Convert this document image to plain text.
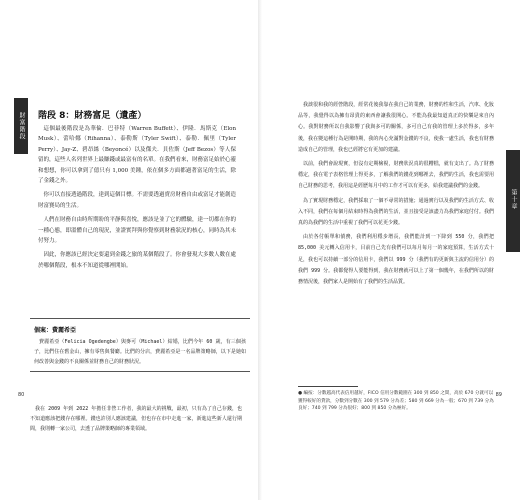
財富階段	階段 8：財務富足（遺產）

這個最後階段是為華倫．巴菲特（Warren Buffett）、伊隆．馬斯克（Elon Musk）、蕾哈娜（Rihanna）、泰勒斯（Tyler Swift）、泰勒．佩里（Tyler Perry）、Jay-Z、碧昂絲（Beyoncé）以及傑夫．貝佐斯（Jeff Bezos）等人保留的，這些人名列世界上最賺錢或最富有的名單。在我們看來，財務富足始於心靈和想想，你可以拿到了億只有 1,000 美鍾，依在個多方面都過著富足的生活，除了金錢之外。

你可以直接透過階段，達到這個目標。不需要透過賣房財務自由或富足才能創造財富賽局的生活。

人們在財務自由時所期盼的平靜與喜悅，應該是並了它的體驗，達一切都在你的一種心態，即溫體自己的現況，並證實拜與你覺察到財務狀況的核心，同時為其未付努力。

因此，你應該已經決定要還到金錢之旅的某個階段了。你會發現大多數人數在處於哪個階段，根本不知道從哪裡開始。

個案：費麗希亞

費麗希亞（Felicia Ogedengbe）與麥可（Michael）結婚，比們今年 60 歲，有三個孩子，比們住在舊金山，擁有零售與餐廳。比們的分店，費麗希亞是一名品牌策略師，以下是她如何改善與金錢的不良關係並財務自己的財務狀況。

我在 2009 年到 2022 年擔任非營工作者，我的最大的挑戰，最初，只有為了自己存錢，也不知道應該把錢存在哪裡。錢也許別人應該建議，但也存在市中走進一家，新進這些新人還行期間，我則轉一家公司，去透了品牌策略師的專業領域。

80
第十章
從金錢階段：從小步驟開始到財務自由

我談很和我的經營階段，經常花後我靠在我自己的業務，財務的性和生活，汽車、化妝品等，我覺得以為擁有昂貴的東西會讓我很開心。不能為我最知道真正的快樂是來自內心。我對財務所以自我影響了我與多可的關係，多可自己有我的管理上多於得多，多年後，我在變這種行為是開時期，我的內心充滿對金錢的不良，使我一處生活，我也有財務造成自己的管理，我也已經將它有更加的建議。

以前，我們會說現實，但沒有定期檢視，財務狀況真的很糟糕，就有支出了。為了財務穩定，我在電子表格管理上得更多，了解我們的錢花到哪裡去，我們的生活，我也需要用自己財務的思考，我用這是經歷每月中的工作才可以有更多，給我建議我們的金錢。

為了實現財務穩定，我們採取了一個不尋常的措施；通過實行以及我們的生活方式、收入不同，我們在每個月結束時得為我們的生活，並且接受是該盡力為我們家庭付付。我們真的為我們的生活中重視了我們可以花更少錢。

由於各付帳單和債務，我們利用穩步增長，我們能計到一下降到 550 分，我們把 85,000 美元轉入信用卡，目前自己先有我們可以每月每月一的家庭預算，生活方式十足，我也可以持續一部分的信用卡，我們以 999 分（我們有的更新與主流的信用分）的我們 999 分。我都覺得人要能得到，我在財務就可以上了第一個幾年，在我們所以的財務情況後，我們家人是開始有了我們的生活品質。

● 編按：分數越高代表信用越好，FICO 信用分數範圍在 300 到 850 之間，高於 670 分就可以獲得較好的貸款，分數到分數在 300 到 579 分為差；580 到 669 分為一般；670 到 739 分為良好；740 到 799 分為很好；800 到 850 分為極好。
89
